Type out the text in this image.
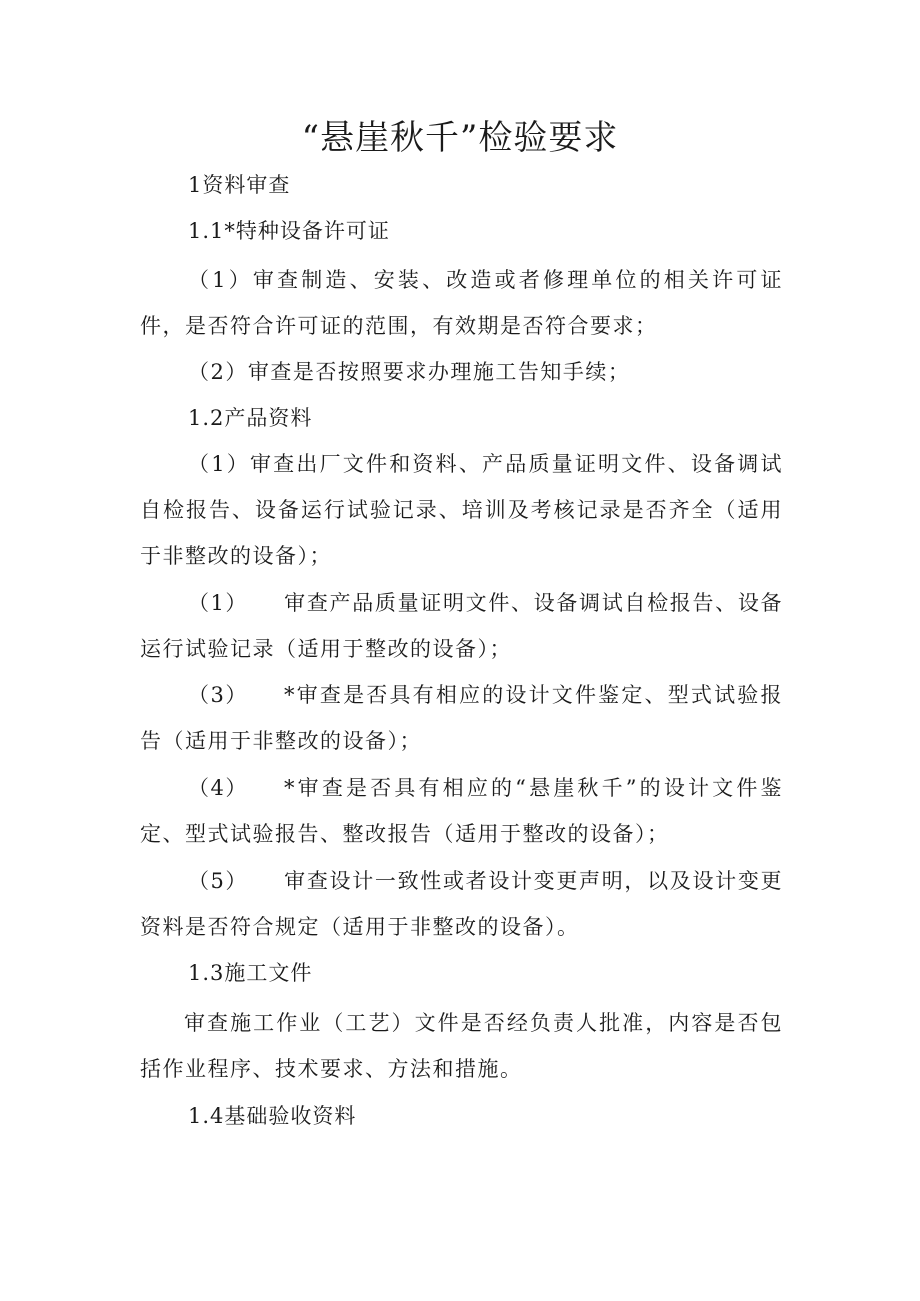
“悬崖秋千”检验要求

1资料审查

1.1*特种设备许可证

（1）审查制造、安装、改造或者修理单位的相关许可证件，是否符合许可证的范围，有效期是否符合要求；

（2）审查是否按照要求办理施工告知手续；

1.2产品资料

（1）审查出厂文件和资料、产品质量证明文件、设备调试自检报告、设备运行试验记录、培训及考核记录是否齐全（适用于非整改的设备）；

（1） 审查产品质量证明文件、设备调试自检报告、设备运行试验记录（适用于整改的设备）；

（3） *审查是否具有相应的设计文件鉴定、型式试验报告（适用于非整改的设备）；

（4） *审查是否具有相应的“悬崖秋千”的设计文件鉴定、型式试验报告、整改报告（适用于整改的设备）；

（5） 审查设计一致性或者设计变更声明，以及设计变更资料是否符合规定（适用于非整改的设备）。

1.3施工文件

审查施工作业（工艺）文件是否经负责人批准，内容是否包括作业程序、技术要求、方法和措施。

1.4基础验收资料
